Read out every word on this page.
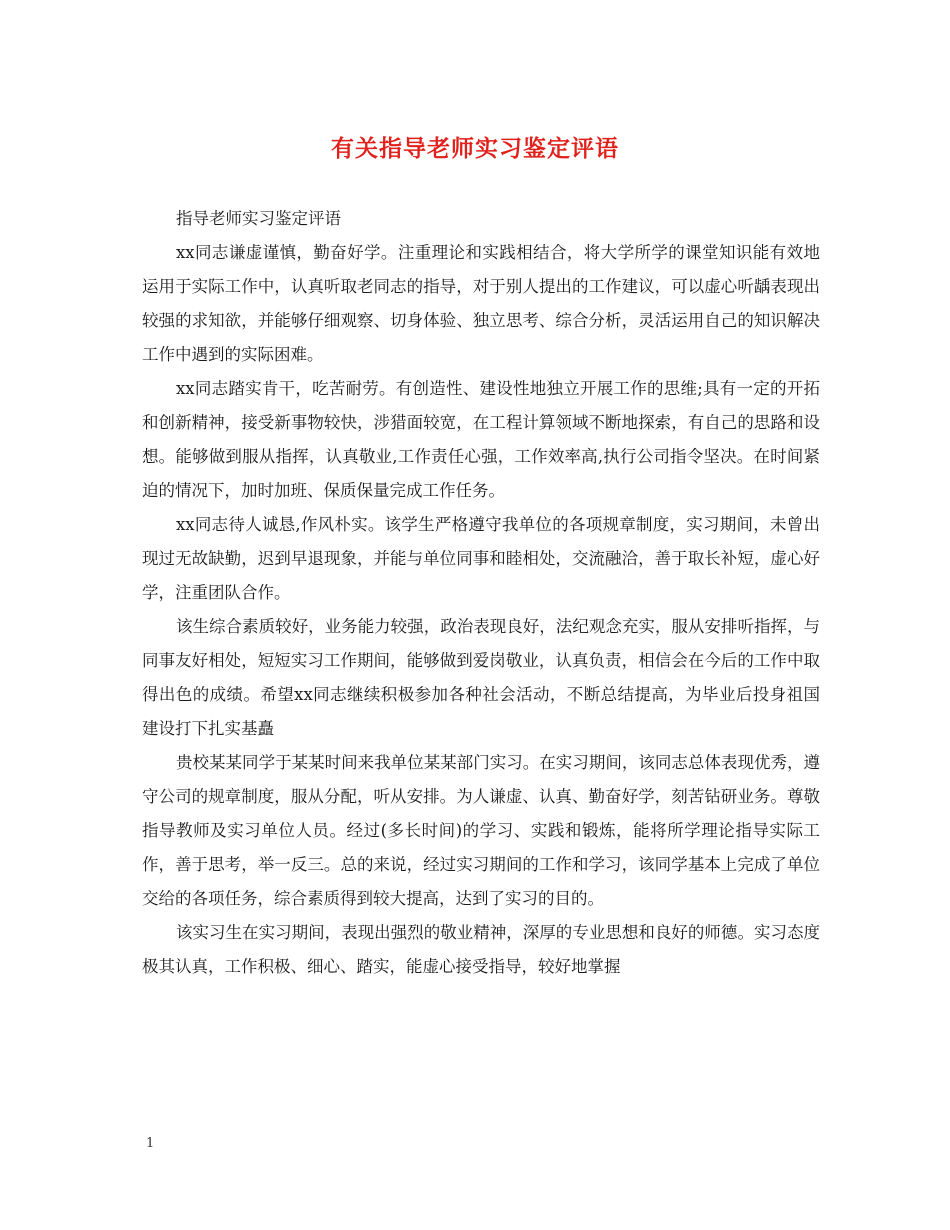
有关指导老师实习鉴定评语

指导老师实习鉴定评语

xx同志谦虚谨慎，勤奋好学。注重理论和实践相结合，将大学所学的课堂知识能有效地运用于实际工作中，认真听取老同志的指导，对于别人提出的工作建议，可以虚心听龋表现出较强的求知欲，并能够仔细观察、切身体验、独立思考、综合分析，灵活运用自己的知识解决工作中遇到的实际困难。

xx同志踏实肯干，吃苦耐劳。有创造性、建设性地独立开展工作的思维;具有一定的开拓和创新精神，接受新事物较快，涉猎面较宽，在工程计算领域不断地探索，有自己的思路和设想。能够做到服从指挥，认真敬业,工作责任心强，工作效率高,执行公司指令坚决。在时间紧迫的情况下，加时加班、保质保量完成工作任务。

xx同志待人诚恳,作风朴实。该学生严格遵守我单位的各项规章制度，实习期间，未曾出现过无故缺勤，迟到早退现象，并能与单位同事和睦相处，交流融洽，善于取长补短，虚心好学，注重团队合作。

该生综合素质较好，业务能力较强，政治表现良好，法纪观念充实，服从安排听指挥，与同事友好相处，短短实习工作期间，能够做到爱岗敬业，认真负责，相信会在今后的工作中取得出色的成绩。希望xx同志继续积极参加各种社会活动，不断总结提高，为毕业后投身祖国建设打下扎实基矗

贵校某某同学于某某时间来我单位某某部门实习。在实习期间，该同志总体表现优秀，遵守公司的规章制度，服从分配，听从安排。为人谦虚、认真、勤奋好学，刻苦钻研业务。尊敬指导教师及实习单位人员。经过(多长时间)的学习、实践和锻炼，能将所学理论指导实际工作，善于思考，举一反三。总的来说，经过实习期间的工作和学习，该同学基本上完成了单位交给的各项任务，综合素质得到较大提高，达到了实习的目的。

该实习生在实习期间，表现出强烈的敬业精神，深厚的专业思想和良好的师德。实习态度极其认真，工作积极、细心、踏实，能虚心接受指导，较好地掌握

1
